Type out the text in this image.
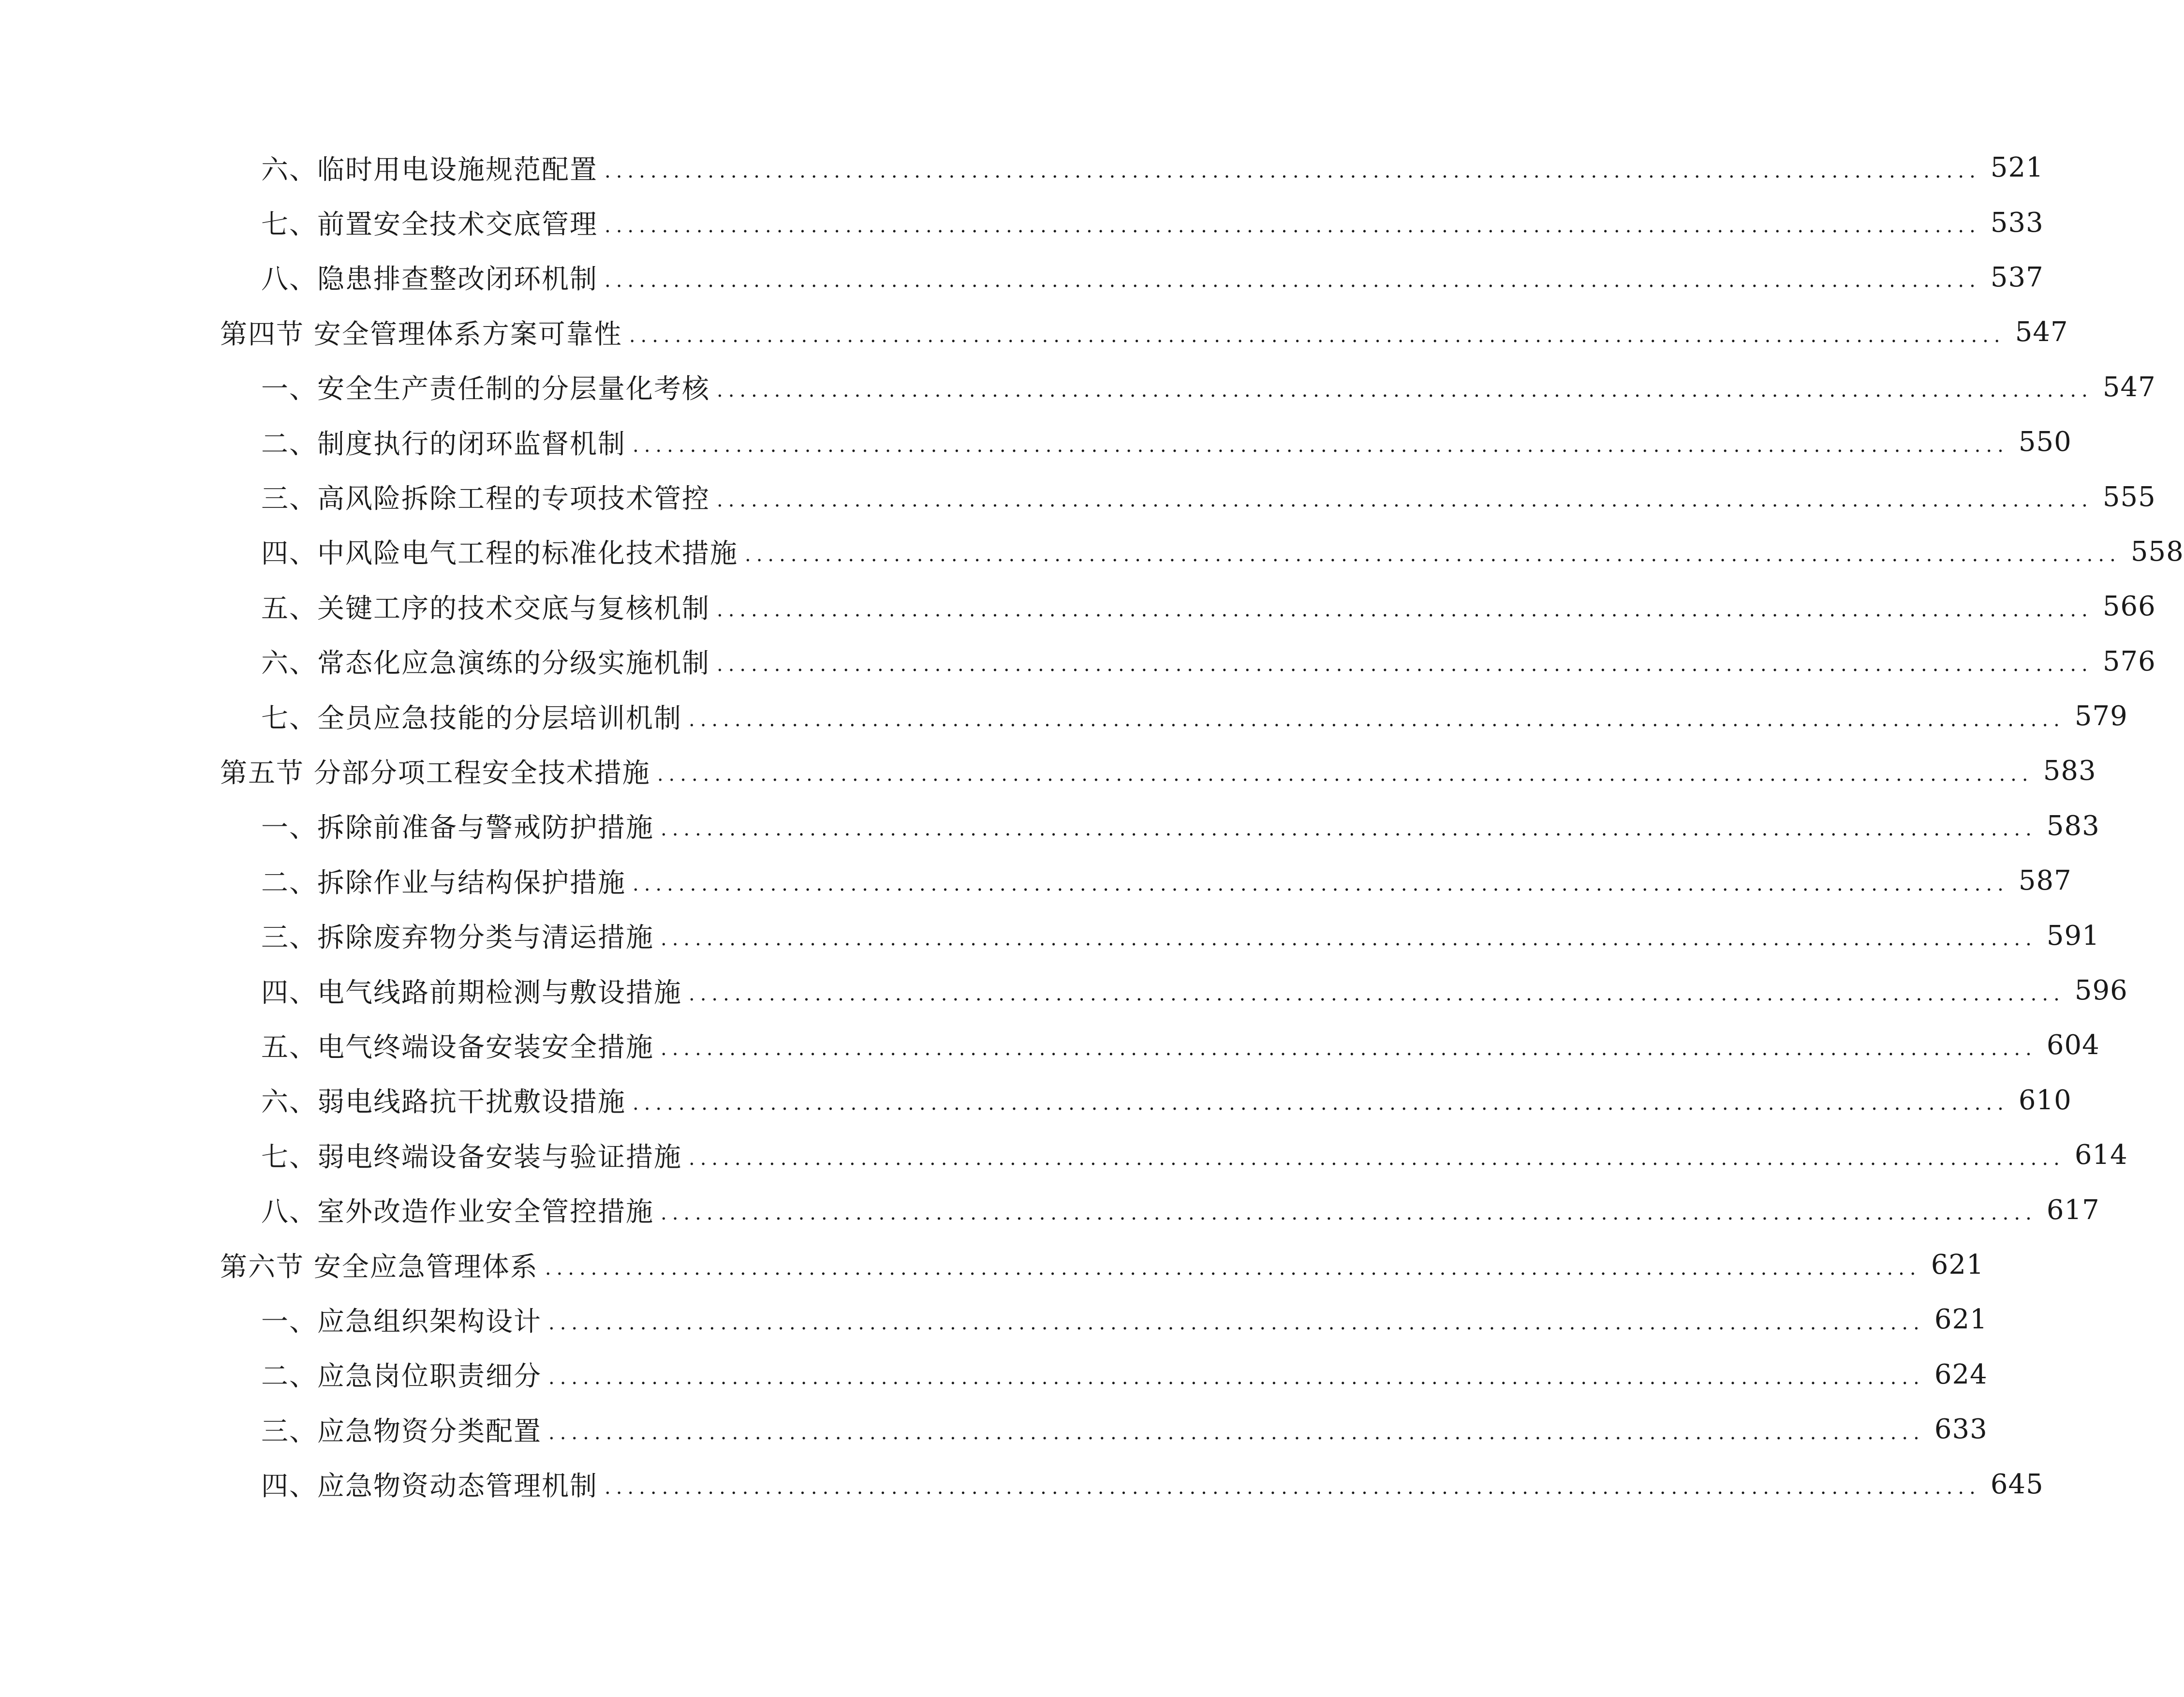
六、临时用电设施规范配置 ........................................................................................................................ 521
七、前置安全技术交底管理 ........................................................................................................................ 533
八、隐患排查整改闭环机制 ........................................................................................................................ 537
第四节 安全管理体系方案可靠性 ........................................................................................................................ 547
一、安全生产责任制的分层量化考核 ........................................................................................................................ 547
二、制度执行的闭环监督机制 ........................................................................................................................ 550
三、高风险拆除工程的专项技术管控 ........................................................................................................................ 555
四、中风险电气工程的标准化技术措施 ........................................................................................................................ 558
五、关键工序的技术交底与复核机制 ........................................................................................................................ 566
六、常态化应急演练的分级实施机制 ........................................................................................................................ 576
七、全员应急技能的分层培训机制 ........................................................................................................................ 579
第五节 分部分项工程安全技术措施 ........................................................................................................................ 583
一、拆除前准备与警戒防护措施 ........................................................................................................................ 583
二、拆除作业与结构保护措施 ........................................................................................................................ 587
三、拆除废弃物分类与清运措施 ........................................................................................................................ 591
四、电气线路前期检测与敷设措施 ........................................................................................................................ 596
五、电气终端设备安装安全措施 ........................................................................................................................ 604
六、弱电线路抗干扰敷设措施 ........................................................................................................................ 610
七、弱电终端设备安装与验证措施 ........................................................................................................................ 614
八、室外改造作业安全管控措施 ........................................................................................................................ 617
第六节 安全应急管理体系 ........................................................................................................................ 621
一、应急组织架构设计 ........................................................................................................................ 621
二、应急岗位职责细分 ........................................................................................................................ 624
三、应急物资分类配置 ........................................................................................................................ 633
四、应急物资动态管理机制 ........................................................................................................................ 645
